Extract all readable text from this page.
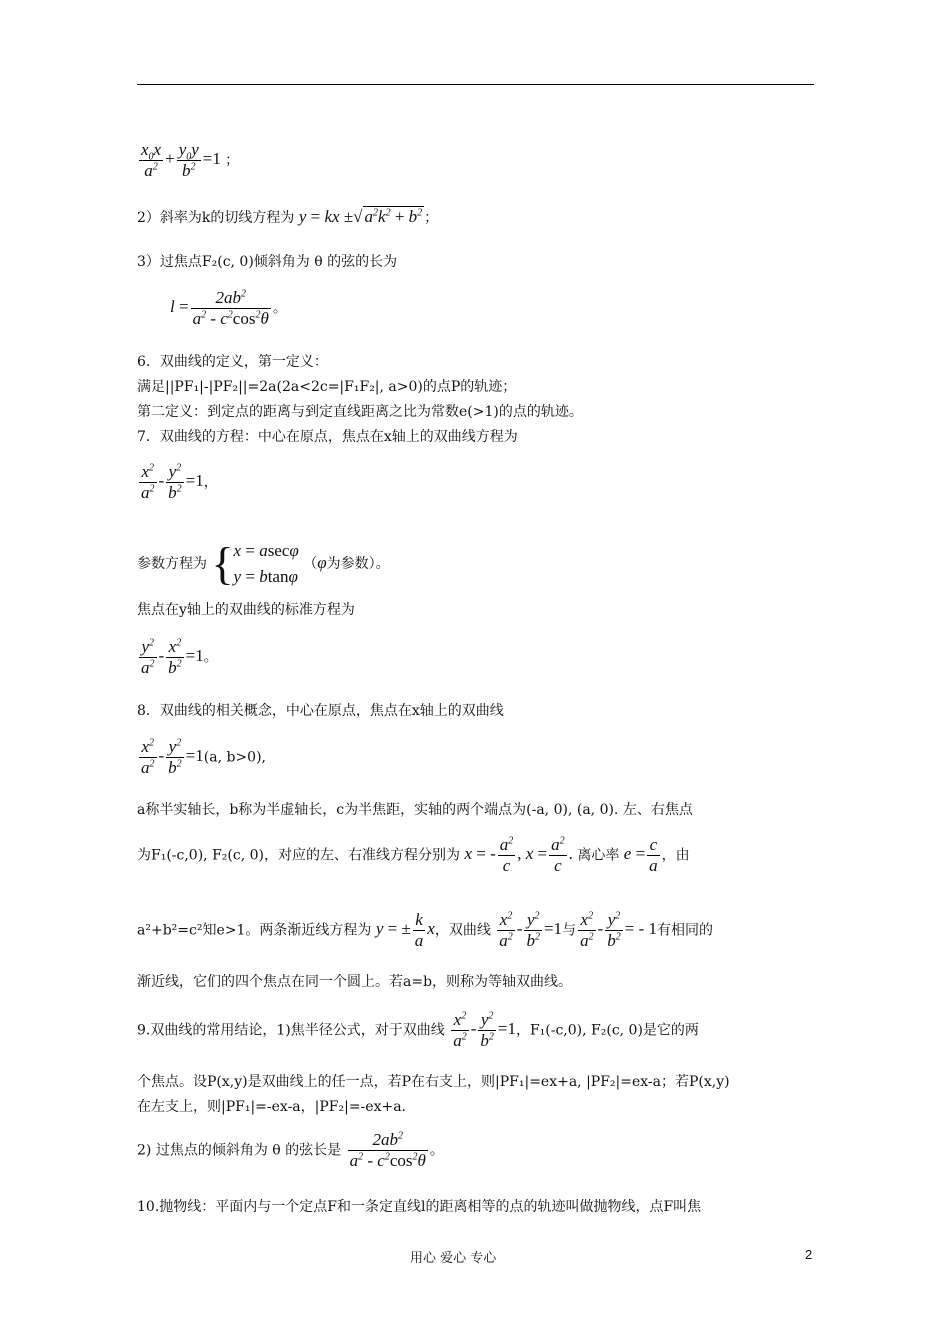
$\frac{x_0x}{a^2} + \frac{y_0y}{b^2} =1$ ；
2）斜率为k的切线方程为 y = kx ±√ $a^2k^2 + b^2$ ；
3）过焦点F₂(c, 0)倾斜角为 θ 的弦的长为
$l = \frac{2ab^2}{a^2 - c^2\cos^2\theta}$ 。
6．双曲线的定义，第一定义：
满足||PF₁|-|PF₂||=2a(2a<2c=|F₁F₂|, a>0)的点P的轨迹；
第二定义：到定点的距离与到定直线距离之比为常数e(>1)的点的轨迹。
7．双曲线的方程：中心在原点，焦点在x轴上的双曲线方程为
$\frac{x^2}{a^2} - \frac{y^2}{b^2} =1$，
参数方程为 {x = asecφ
y = btanφ （φ为参数）。
焦点在y轴上的双曲线的标准方程为
$\frac{y^2}{a^2} - \frac{x^2}{b^2} =1$。
8．双曲线的相关概念，中心在原点，焦点在x轴上的双曲线
$\frac{x^2}{a^2} - \frac{y^2}{b^2} =1(a$, b>0),
a称半实轴长，b称为半虚轴长，c为半焦距，实轴的两个端点为(-a, 0), (a, 0). 左、右焦点
为F₁(-c,0), F₂(c, 0)，对应的左、右准线方程分别为 x = - $\frac{a^2}{c}$ , $x = \frac{a^2}{c}$ . 离心率 $e = \frac{c}{a}$ ，由
a²+b²=c²知e>1。两条渐近线方程为 y = ± $\frac{k}{a}$ x，双曲线 $\frac{x^2}{a^2} - \frac{y^2}{b^2} =1$与 $\frac{x^2}{a^2} - \frac{y^2}{b^2}$ = - 1有相同的
渐近线，它们的四个焦点在同一个圆上。若a=b，则称为等轴双曲线。
9.双曲线的常用结论，1)焦半径公式，对于双曲线 $\frac{x^2}{a^2} - \frac{y^2}{b^2} =1$，F₁(-c,0), F₂(c, 0)是它的两
个焦点。设P(x,y)是双曲线上的任一点，若P在右支上，则|PF₁|=ex+a, |PF₂|=ex-a；若P(x,y)
在左支上，则|PF₁|=-ex-a，|PF₂|=-ex+a.
2) 过焦点的倾斜角为 θ 的弦长是 $\frac{2ab^2}{a^2 - c^2\cos^2\theta}$ 。
10.抛物线：平面内与一个定点F和一条定直线l的距离相等的点的轨迹叫做抛物线，点F叫焦
用心 爱心 专心	2
